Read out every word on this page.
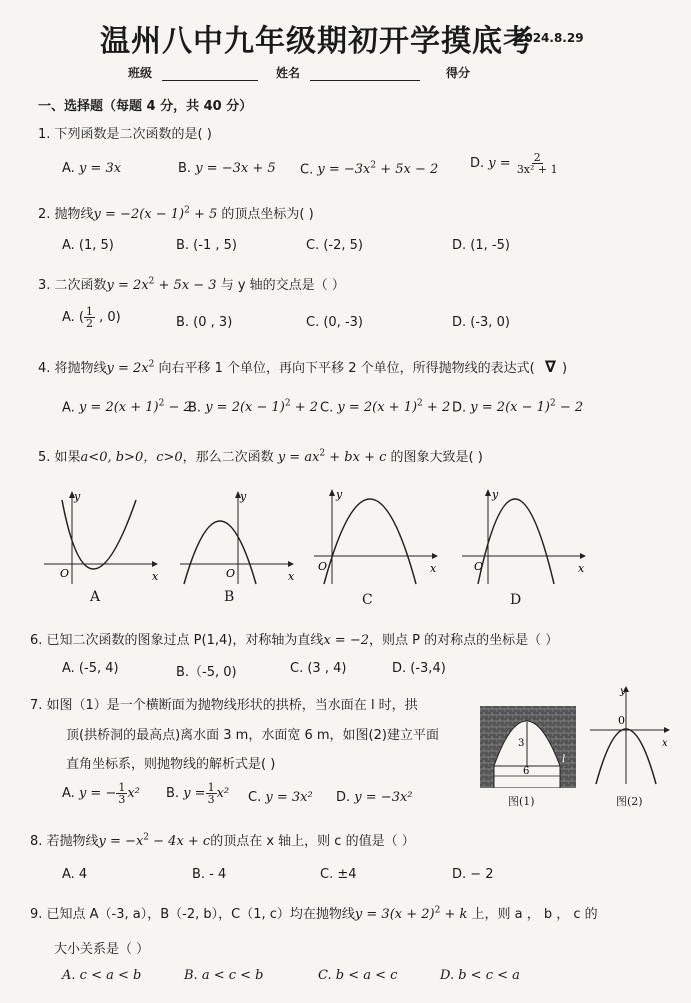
温州八中九年级期初开学摸底考
2024.8.29
班级	姓名	得分
一、选择题（每题 4 分，共 40 分）
1. 下列函数是二次函数的是( )
A. y = 3x	B. y = −3x + 5 C. $y = -3x^2 + 5x - 2$ D. $y = \frac{2}{\text{3x² + 1}}$
2. 抛物线$y = -2(x - 1)^2 + 5$ 的顶点坐标为( )
A. (1, 5)	B. (-1 , 5)	C. (-2, 5)	D. (1, -5)
3. 二次函数$y = 2x^2 + 5x - 3$ 与 y 轴的交点是（ ）
A. ( $\frac{1}{2}$ , 0)	B. (0 , 3)	C. (0, -3)	D. (-3, 0)
4. 将抛物线$y = 2x^2$ 向右平移 1 个单位，再向下平移 2 个单位，所得抛物线的表达式( ∇ )
A. $y = 2(x + 1)^2 - 2$
B. $y = 2(x - 1)^2 + 2$ C. $y = 2(x + 1)^2 + 2$ D. $y = 2(x - 1)^2 - 2$
5. 如果a<0, b>0，c>0，那么二次函数 $y = ax^2$ + bx + c 的图象大致是( )
y
x
O
A
y
x
O
B
y
x
O
C
y
x
O
D
6. 已知二次函数的图象过点 P(1,4)，对称轴为直线x = −2，则点 P 的对称点的坐标是（ ）
A. (-5, 4)	B.（-5, 0)	C. (3 , 4)	D. (-3,4)
7. 如图（1）是一个横断面为抛物线形状的拱桥，当水面在 l 时，拱
顶(拱桥洞的最高点)离水面 3 m，水面宽 6 m，如图(2)建立平面
直角坐标系，则抛物线的解析式是( )
A. y = − $\frac{1}{3} x^2$ B. $y = \frac{1}{3} x^2$ C. y = 3x² D. y = −3x²
3
l
6
图(1)
y
x
0
图(2)
8. 若抛物线$y = -x^2 - 4x + c$的顶点在 x 轴上，则 c 的值是（ ）
A. 4	B. - 4	C. ±4	D. − 2
9. 已知点 A（-3, a），B（-2, b），C（1, c）均在抛物线$y = 3(x + 2)^2 + k$ 上，则 a ， b ， c 的
大小关系是（ ）
A. c < a < b	B. a < c < b	C. b < a < c	D. b < c < a
